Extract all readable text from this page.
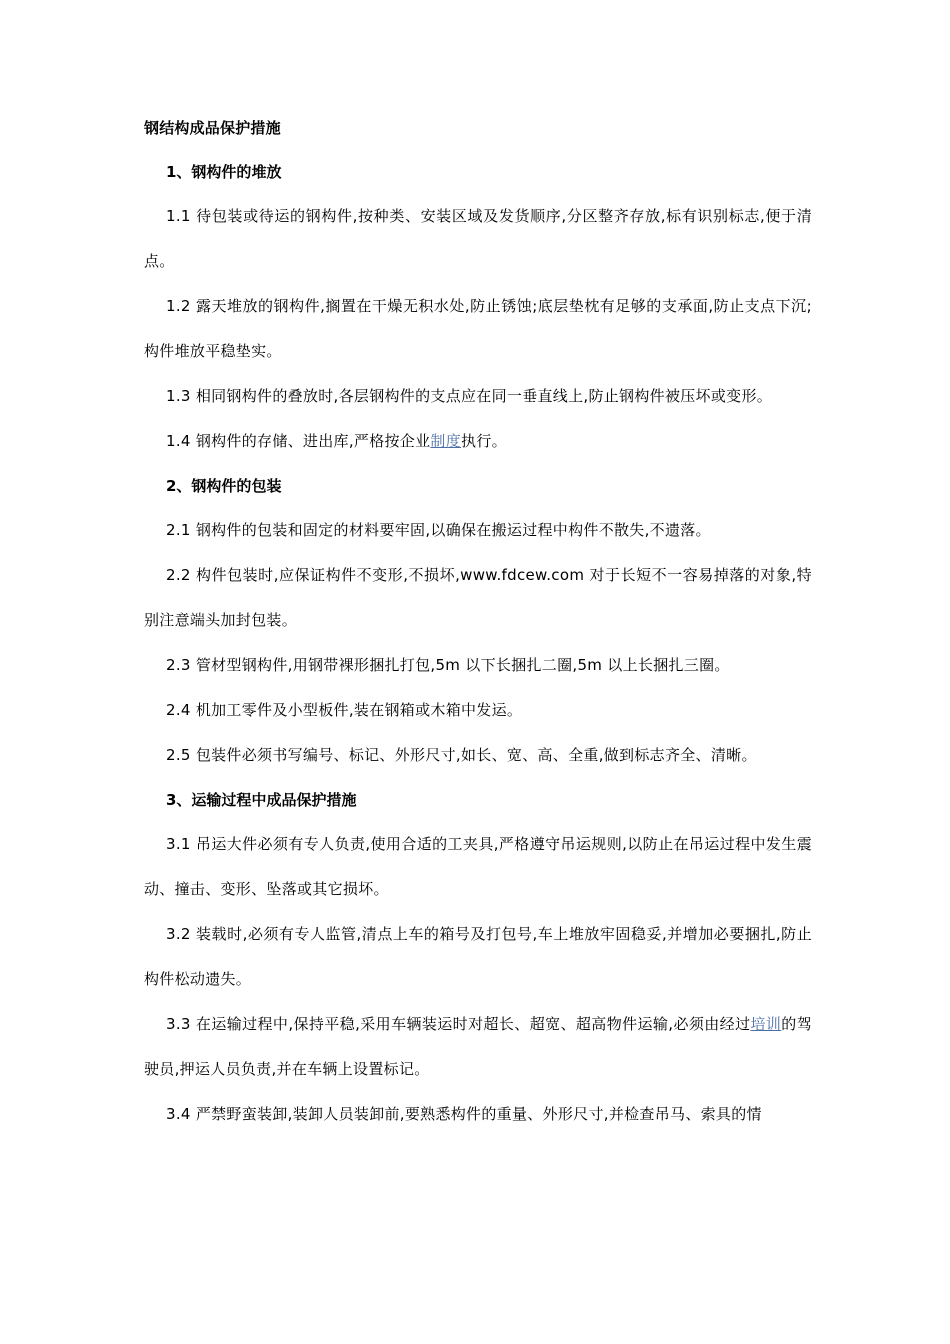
钢结构成品保护措施
1、钢构件的堆放

1.1 待包装或待运的钢构件,按种类、安装区域及发货顺序,分区整齐存放,标有识别标志,便于清点。

1.2 露天堆放的钢构件,搁置在干燥无积水处,防止锈蚀;底层垫枕有足够的支承面,防止支点下沉;构件堆放平稳垫实。

1.3 相同钢构件的叠放时,各层钢构件的支点应在同一垂直线上,防止钢构件被压坏或变形。

1.4 钢构件的存储、进出库,严格按企业制度执行。

2、钢构件的包装

2.1 钢构件的包装和固定的材料要牢固,以确保在搬运过程中构件不散失,不遗落。

2.2 构件包装时,应保证构件不变形,不损坏,www.fdcew.com 对于长短不一容易掉落的对象,特别注意端头加封包装。

2.3 管材型钢构件,用钢带裸形捆扎打包,5m 以下长捆扎二圈,5m 以上长捆扎三圈。

2.4 机加工零件及小型板件,装在钢箱或木箱中发运。

2.5 包装件必须书写编号、标记、外形尺寸,如长、宽、高、全重,做到标志齐全、清晰。

3、运输过程中成品保护措施

3.1 吊运大件必须有专人负责,使用合适的工夹具,严格遵守吊运规则,以防止在吊运过程中发生震动、撞击、变形、坠落或其它损坏。

3.2 装载时,必须有专人监管,清点上车的箱号及打包号,车上堆放牢固稳妥,并增加必要捆扎,防止构件松动遗失。

3.3 在运输过程中,保持平稳,采用车辆装运时对超长、超宽、超高物件运输,必须由经过培训的驾驶员,押运人员负责,并在车辆上设置标记。

3.4 严禁野蛮装卸,装卸人员装卸前,要熟悉构件的重量、外形尺寸,并检查吊马、索具的情
